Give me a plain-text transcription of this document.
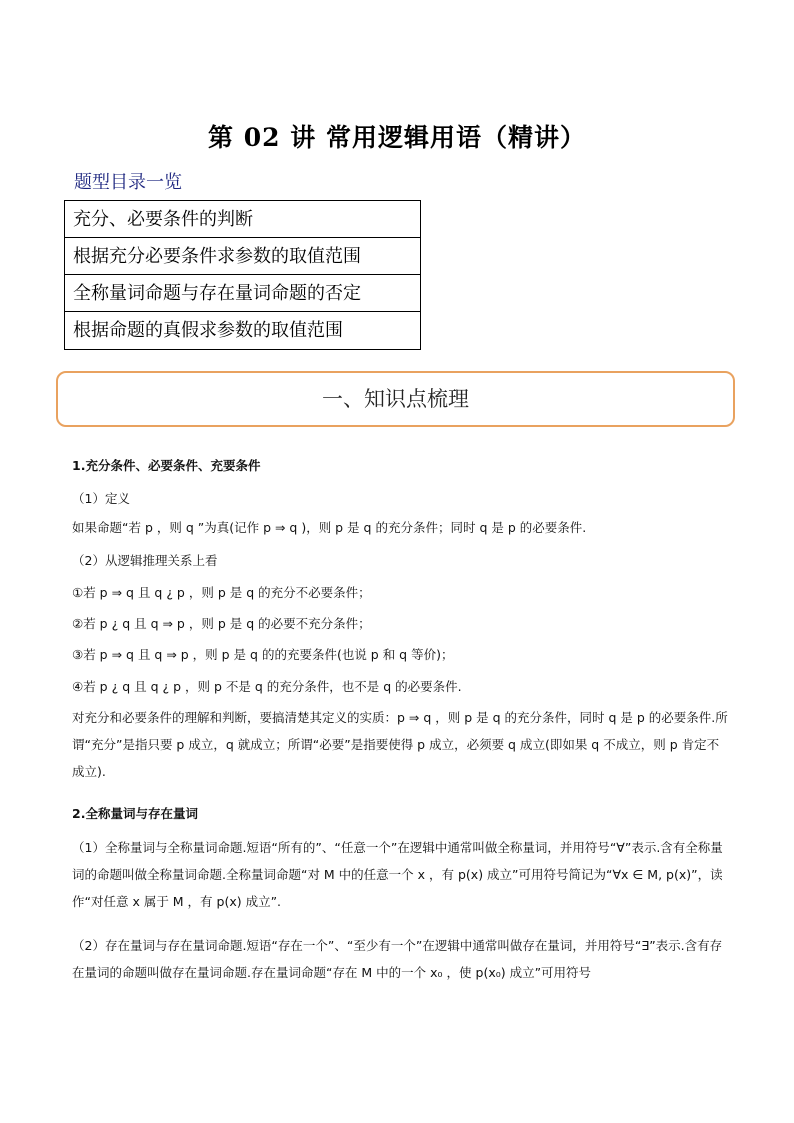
第 02 讲 常用逻辑用语（精讲）
题型目录一览
充分、必要条件的判断
根据充分必要条件求参数的取值范围
全称量词命题与存在量词命题的否定
根据命题的真假求参数的取值范围
一、知识点梳理
1.充分条件、必要条件、充要条件
（1）定义
如果命题“若 p ，则 q ”为真(记作 p ⇒ q )，则 p 是 q 的充分条件；同时 q 是 p 的必要条件.
（2）从逻辑推理关系上看
①若 p ⇒ q 且 q ¿ p ，则 p 是 q 的充分不必要条件；
②若 p ¿ q 且 q ⇒ p ，则 p 是 q 的必要不充分条件；
③若 p ⇒ q 且 q ⇒ p ，则 p 是 q 的的充要条件(也说 p 和 q 等价)；
④若 p ¿ q 且 q ¿ p ，则 p 不是 q 的充分条件，也不是 q 的必要条件.
对充分和必要条件的理解和判断，要搞清楚其定义的实质：p ⇒ q ，则 p 是 q 的充分条件，同时 q 是 p 的必要条件.所谓“充分”是指只要 p 成立，q 就成立；所谓“必要”是指要使得 p 成立，必须要 q 成立(即如果 q 不成立，则 p 肯定不成立).
2.全称量词与存在量词
（1）全称量词与全称量词命题.短语“所有的”、“任意一个”在逻辑中通常叫做全称量词，并用符号“∀”表示.含有全称量词的命题叫做全称量词命题.全称量词命题“对 M 中的任意一个 x ，有 p(x) 成立”可用符号简记为“∀x ∈ M, p(x)”，读作“对任意 x 属于 M ，有 p(x) 成立”.
（2）存在量词与存在量词命题.短语“存在一个”、“至少有一个”在逻辑中通常叫做存在量词，并用符号“∃”表示.含有存在量词的命题叫做存在量词命题.存在量词命题“存在 M 中的一个 x₀ ，使 p(x₀) 成立”可用符号
